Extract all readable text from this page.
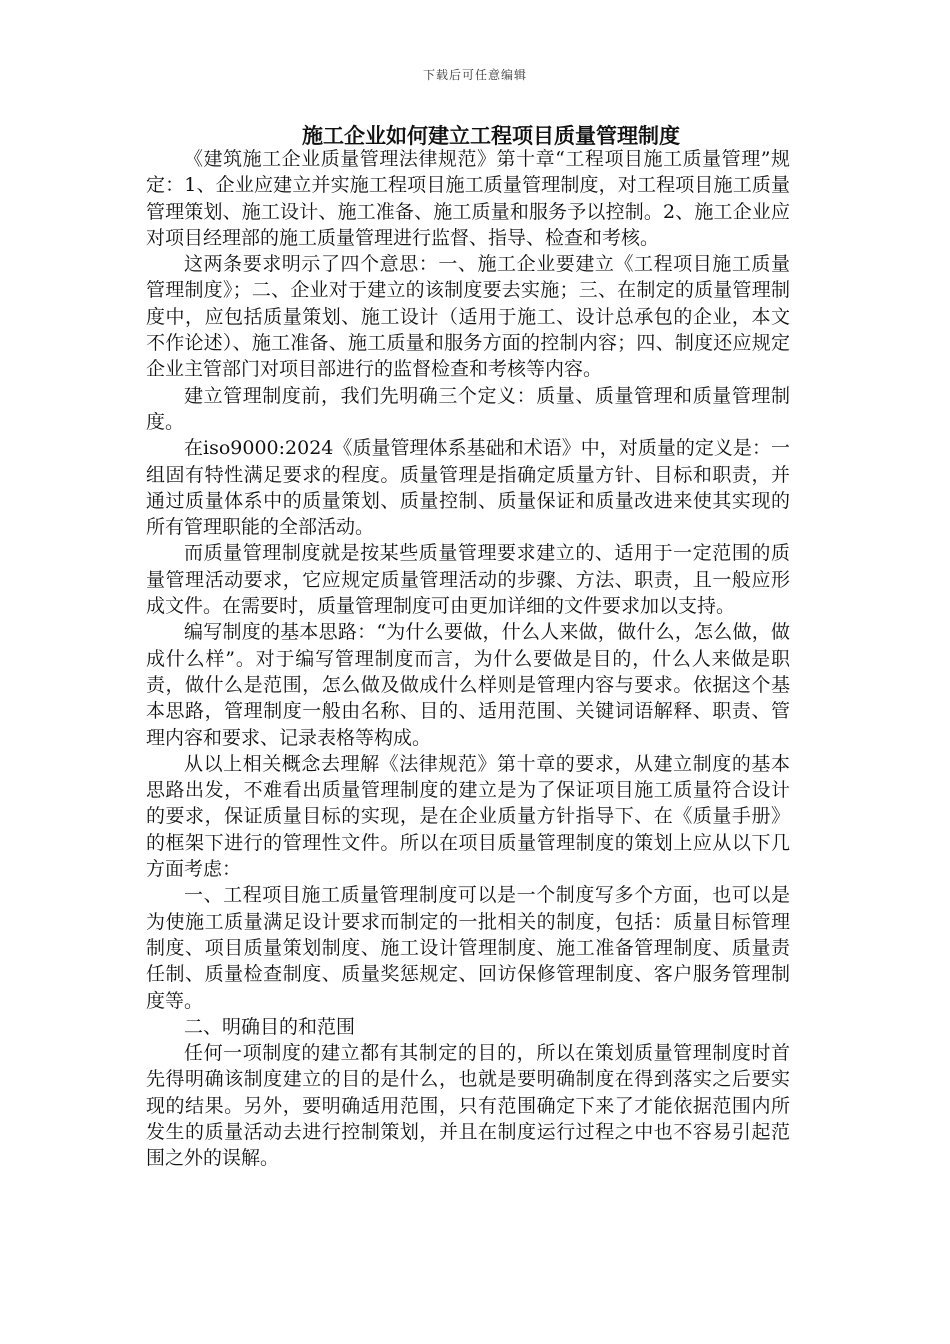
下载后可任意编辑
施工企业如何建立工程项目质量管理制度

《建筑施工企业质量管理法律规范》第十章“工程项目施工质量管理”规定：1、企业应建立并实施工程项目施工质量管理制度，对工程项目施工质量管理策划、施工设计、施工准备、施工质量和服务予以控制。2、施工企业应对项目经理部的施工质量管理进行监督、指导、检查和考核。

这两条要求明示了四个意思：一、施工企业要建立《工程项目施工质量管理制度》；二、企业对于建立的该制度要去实施；三、在制定的质量管理制度中，应包括质量策划、施工设计（适用于施工、设计总承包的企业，本文不作论述）、施工准备、施工质量和服务方面的控制内容；四、制度还应规定企业主管部门对项目部进行的监督检查和考核等内容。

建立管理制度前，我们先明确三个定义：质量、质量管理和质量管理制度。

在iso9000:2024《质量管理体系基础和术语》中，对质量的定义是：一组固有特性满足要求的程度。质量管理是指确定质量方针、目标和职责，并通过质量体系中的质量策划、质量控制、质量保证和质量改进来使其实现的所有管理职能的全部活动。

而质量管理制度就是按某些质量管理要求建立的、适用于一定范围的质量管理活动要求，它应规定质量管理活动的步骤、方法、职责，且一般应形成文件。在需要时，质量管理制度可由更加详细的文件要求加以支持。

编写制度的基本思路：“为什么要做，什么人来做，做什么，怎么做，做成什么样”。对于编写管理制度而言，为什么要做是目的，什么人来做是职责，做什么是范围，怎么做及做成什么样则是管理内容与要求。依据这个基本思路，管理制度一般由名称、目的、适用范围、关键词语解释、职责、管理内容和要求、记录表格等构成。

从以上相关概念去理解《法律规范》第十章的要求，从建立制度的基本思路出发，不难看出质量管理制度的建立是为了保证项目施工质量符合设计的要求，保证质量目标的实现，是在企业质量方针指导下、在《质量手册》的框架下进行的管理性文件。所以在项目质量管理制度的策划上应从以下几方面考虑：

一、工程项目施工质量管理制度可以是一个制度写多个方面，也可以是为使施工质量满足设计要求而制定的一批相关的制度，包括：质量目标管理制度、项目质量策划制度、施工设计管理制度、施工准备管理制度、质量责任制、质量检查制度、质量奖惩规定、回访保修管理制度、客户服务管理制度等。

二、明确目的和范围

任何一项制度的建立都有其制定的目的，所以在策划质量管理制度时首先得明确该制度建立的目的是什么，也就是要明确制度在得到落实之后要实现的结果。另外，要明确适用范围，只有范围确定下来了才能依据范围内所发生的质量活动去进行控制策划，并且在制度运行过程之中也不容易引起范围之外的误解。
